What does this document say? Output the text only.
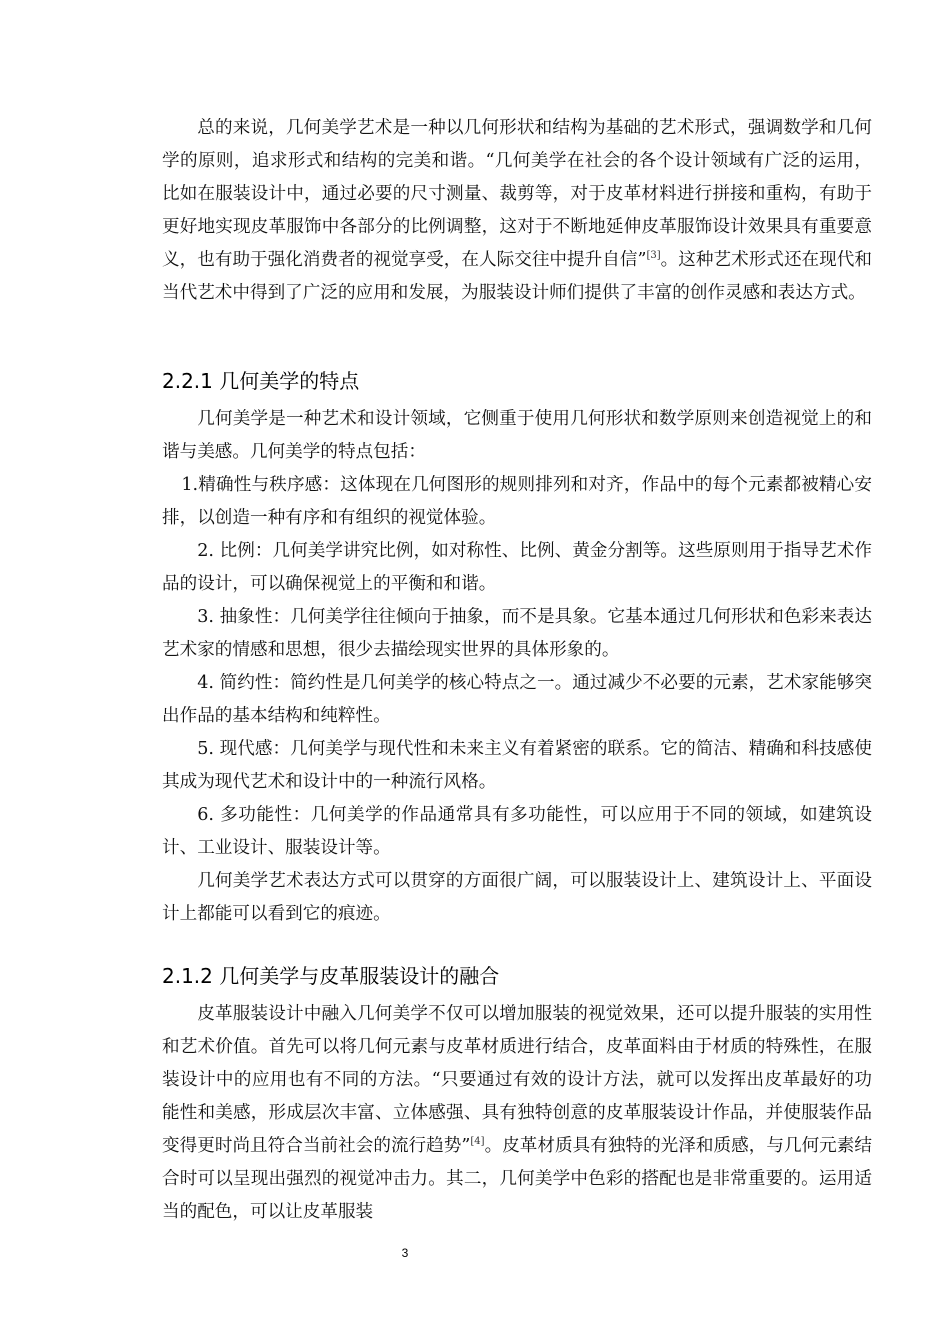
总的来说，几何美学艺术是一种以几何形状和结构为基础的艺术形式，强调数学和几何学的原则，追求形式和结构的完美和谐。“几何美学在社会的各个设计领域有广泛的运用，比如在服装设计中，通过必要的尺寸测量、裁剪等，对于皮革材料进行拼接和重构，有助于更好地实现皮革服饰中各部分的比例调整，这对于不断地延伸皮革服饰设计效果具有重要意义，也有助于强化消费者的视觉享受，在人际交往中提升自信”[3]。这种艺术形式还在现代和当代艺术中得到了广泛的应用和发展，为服装设计师们提供了丰富的创作灵感和表达方式。

2.2.1 几何美学的特点

几何美学是一种艺术和设计领域，它侧重于使用几何形状和数学原则来创造视觉上的和谐与美感。几何美学的特点包括：

1.精确性与秩序感：这体现在几何图形的规则排列和对齐，作品中的每个元素都被精心安排，以创造一种有序和有组织的视觉体验。

2. 比例：几何美学讲究比例，如对称性、比例、黄金分割等。这些原则用于指导艺术作品的设计，可以确保视觉上的平衡和和谐。

3. 抽象性：几何美学往往倾向于抽象，而不是具象。它基本通过几何形状和色彩来表达艺术家的情感和思想，很少去描绘现实世界的具体形象的。

4. 简约性：简约性是几何美学的核心特点之一。通过减少不必要的元素，艺术家能够突出作品的基本结构和纯粹性。

5. 现代感：几何美学与现代性和未来主义有着紧密的联系。它的简洁、精确和科技感使其成为现代艺术和设计中的一种流行风格。

6. 多功能性：几何美学的作品通常具有多功能性，可以应用于不同的领域，如建筑设计、工业设计、服装设计等。

几何美学艺术表达方式可以贯穿的方面很广阔，可以服装设计上、建筑设计上、平面设计上都能可以看到它的痕迹。

2.1.2 几何美学与皮革服装设计的融合

皮革服装设计中融入几何美学不仅可以增加服装的视觉效果，还可以提升服装的实用性和艺术价值。首先可以将几何元素与皮革材质进行结合，皮革面料由于材质的特殊性，在服装设计中的应用也有不同的方法。“只要通过有效的设计方法，就可以发挥出皮革最好的功能性和美感，形成层次丰富、立体感强、具有独特创意的皮革服装设计作品，并使服装作品变得更时尚且符合当前社会的流行趋势”[4]。皮革材质具有独特的光泽和质感，与几何元素结合时可以呈现出强烈的视觉冲击力。其二，几何美学中色彩的搭配也是非常重要的。运用适当的配色，可以让皮革服装

3
